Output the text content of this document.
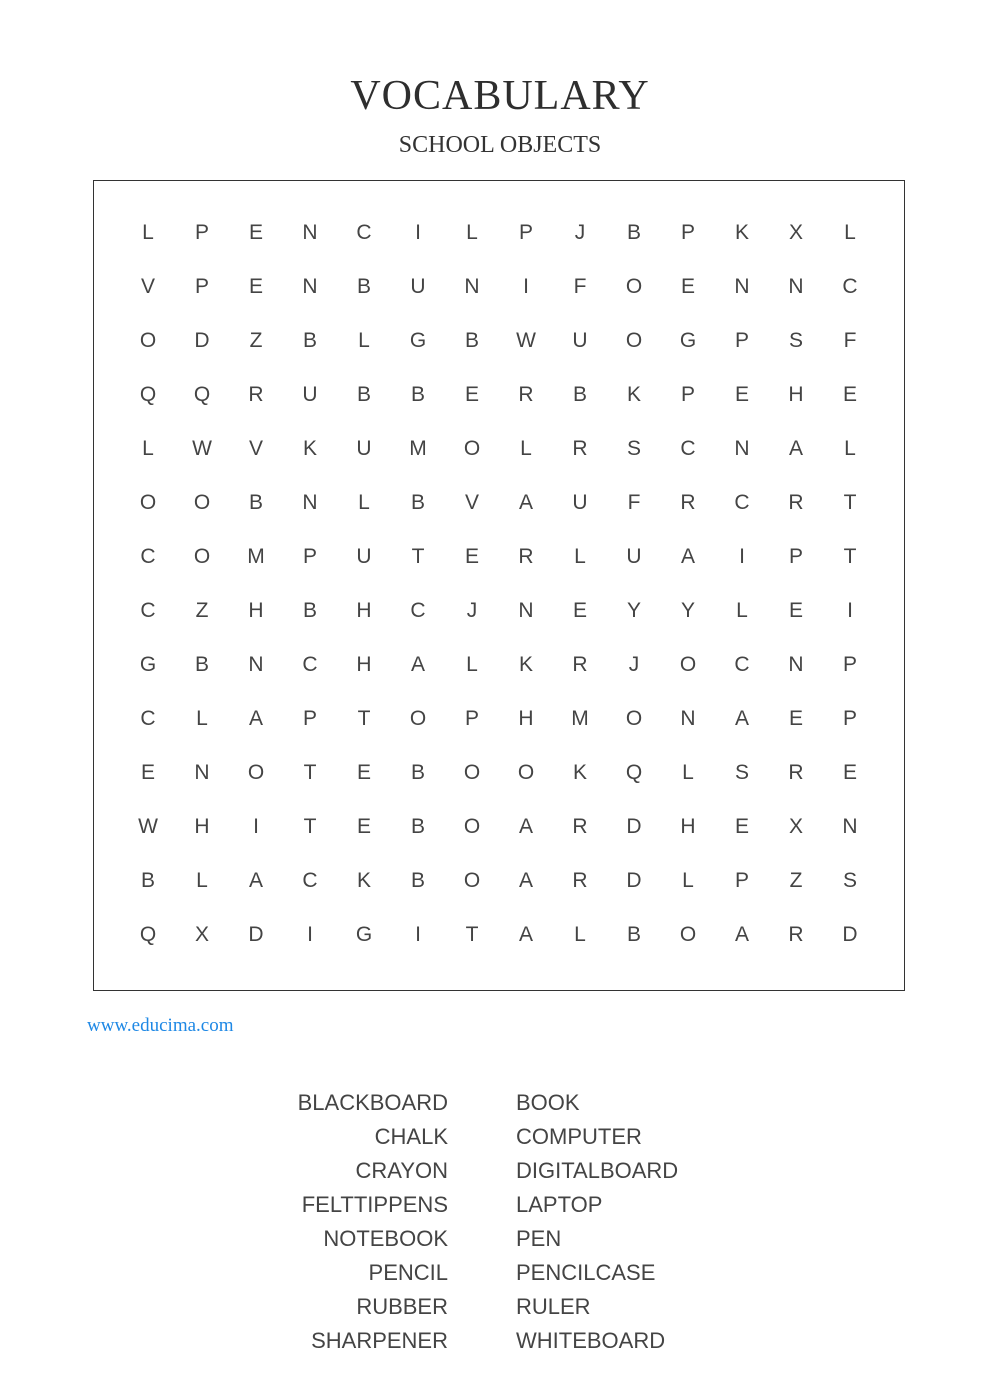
VOCABULARY
SCHOOL OBJECTS
L	P	E	N	C	I	L	P	J	B	P	K	X	L
V	P	E	N	B	U	N	I	F	O	E	N	N	C
O	D	Z	B	L	G	B	W	U	O	G	P	S	F
Q	Q	R	U	B	B	E	R	B	K	P	E	H	E
L	W	V	K	U	M	O	L	R	S	C	N	A	L
O	O	B	N	L	B	V	A	U	F	R	C	R	T
C	O	M	P	U	T	E	R	L	U	A	I	P	T
C	Z	H	B	H	C	J	N	E	Y	Y	L	E	I
G	B	N	C	H	A	L	K	R	J	O	C	N	P
C	L	A	P	T	O	P	H	M	O	N	A	E	P
E	N	O	T	E	B	O	O	K	Q	L	S	R	E
W	H	I	T	E	B	O	A	R	D	H	E	X	N
B	L	A	C	K	B	O	A	R	D	L	P	Z	S
Q	X	D	I	G	I	T	A	L	B	O	A	R	D
www.educima.com
BLACKBOARD
CHALK
CRAYON
FELTTIPPENS
NOTEBOOK
PENCIL
RUBBER
SHARPENER
BOOK
COMPUTER
DIGITALBOARD
LAPTOP
PEN
PENCILCASE
RULER
WHITEBOARD
